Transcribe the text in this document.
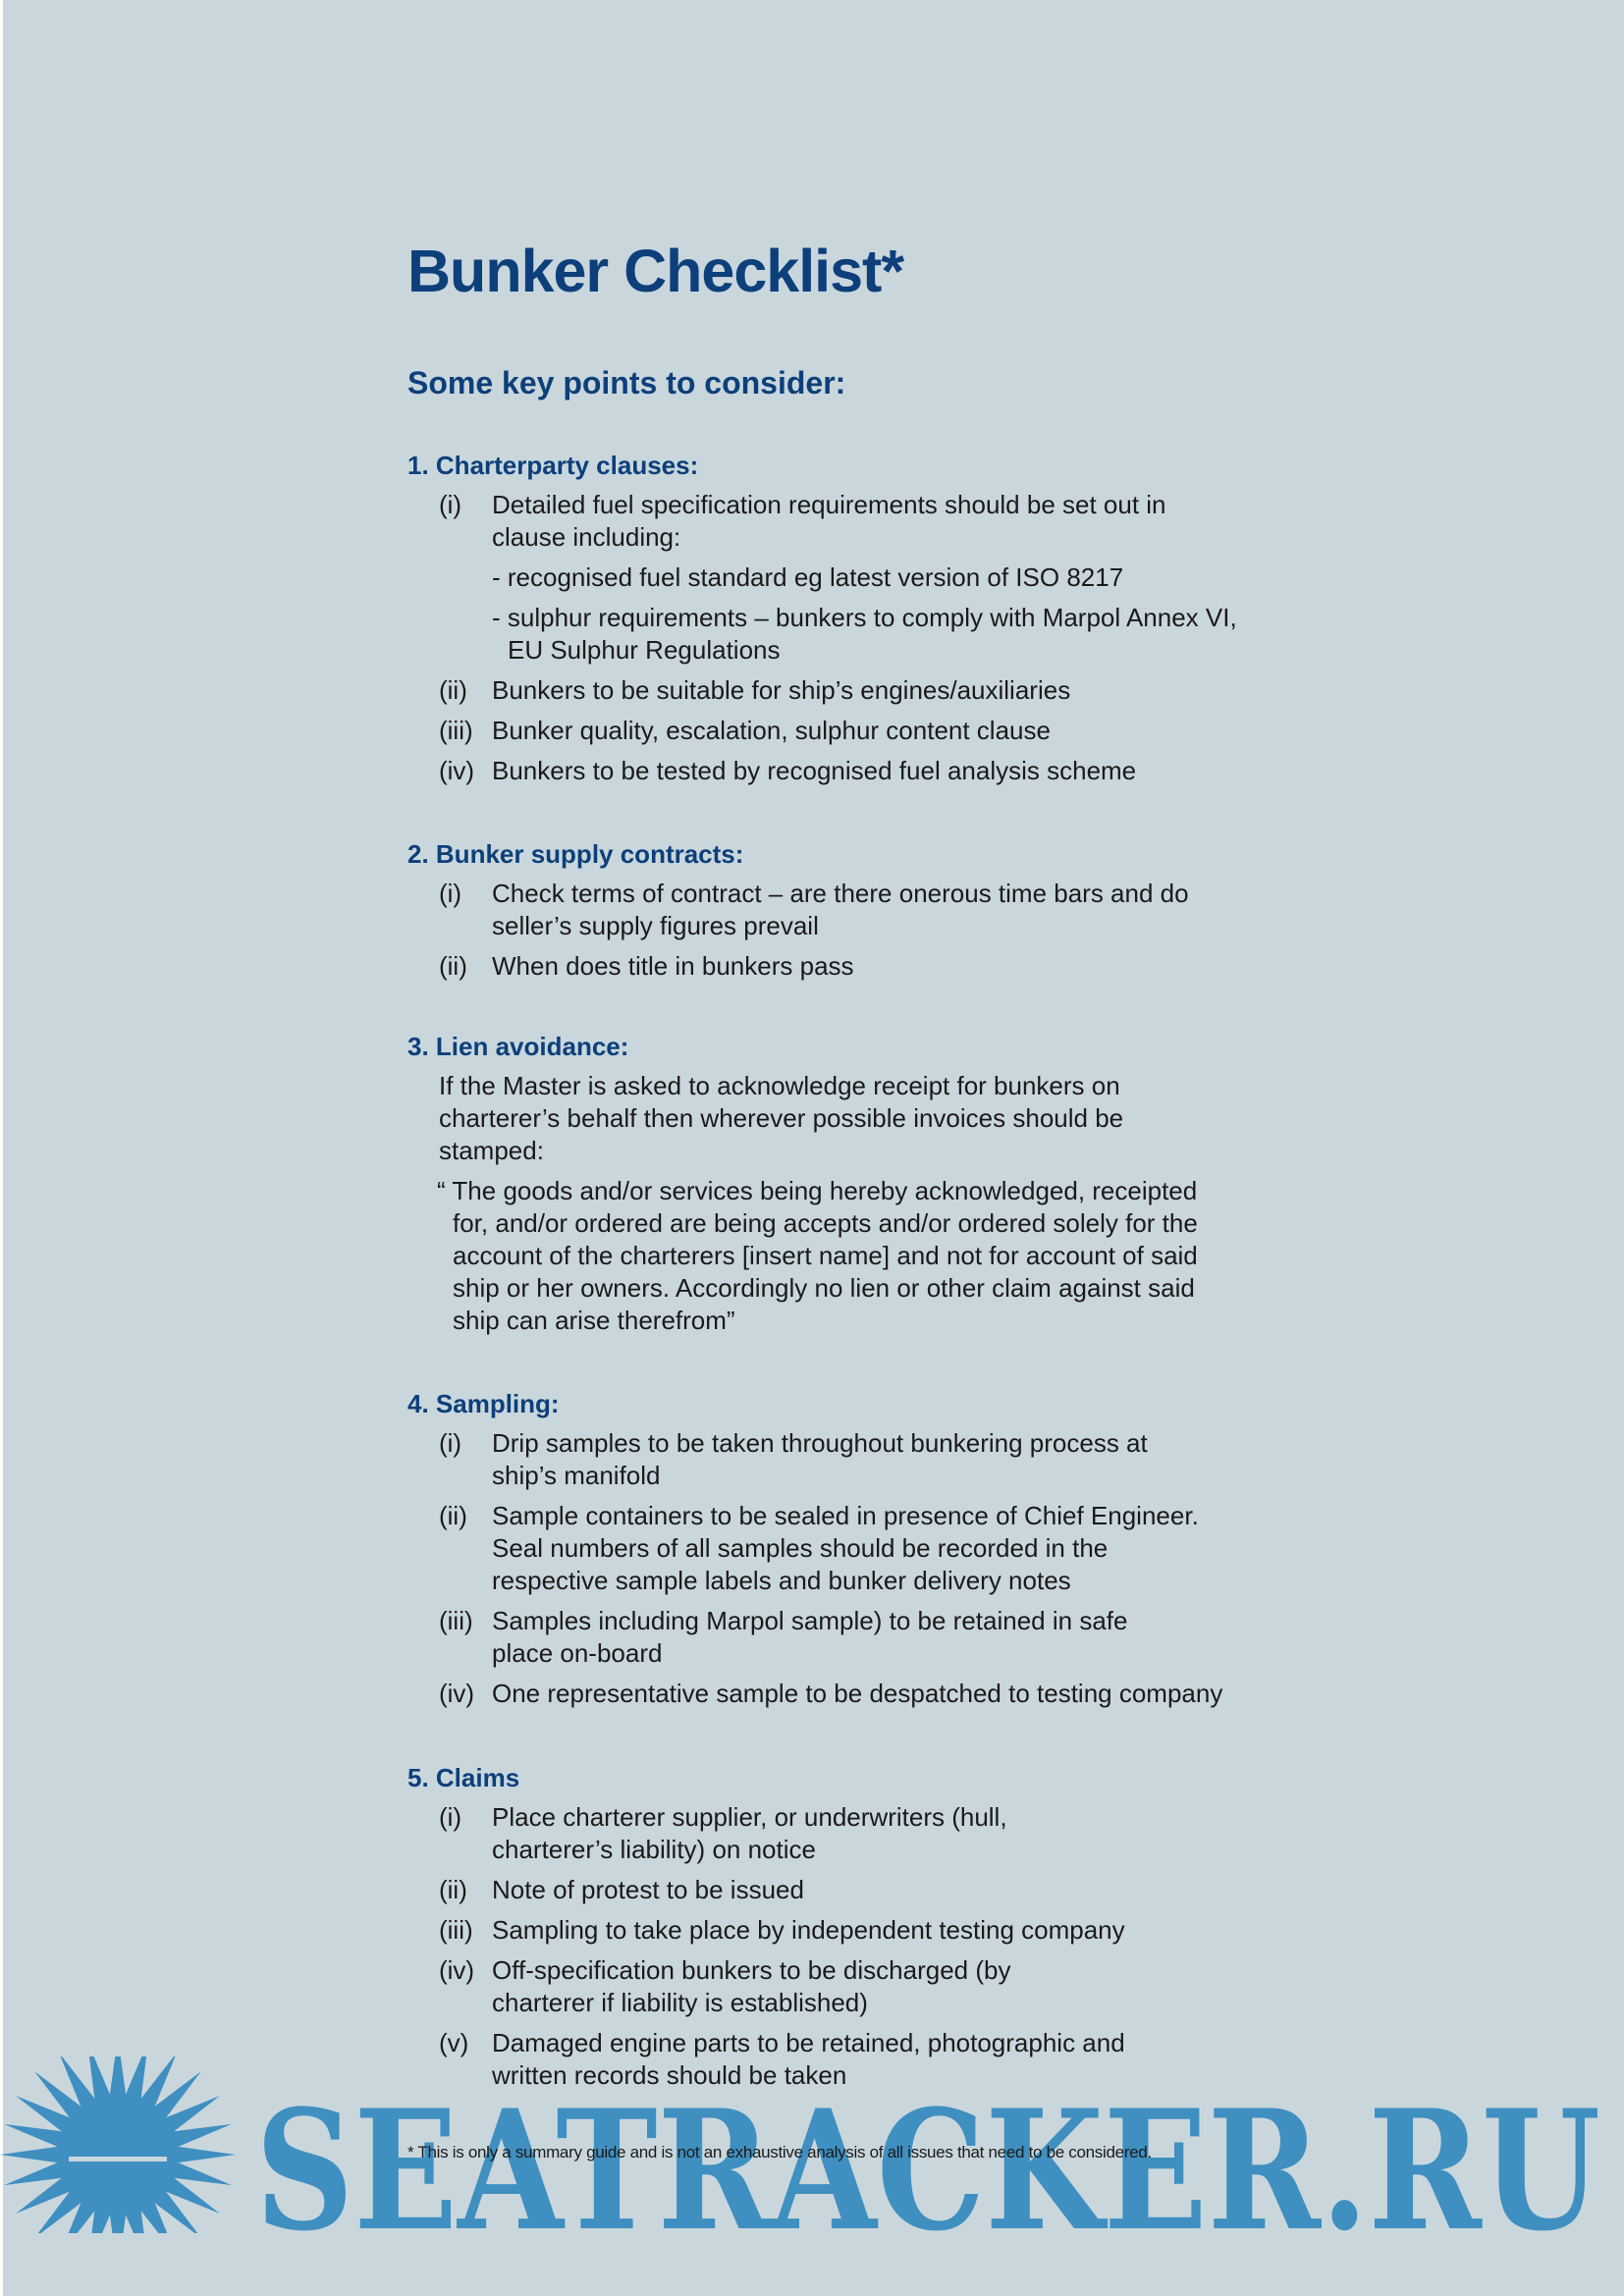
Bunker Checklist*
Some key points to consider:
1. Charterparty clauses:
(i) Detailed fuel specification requirements should be set out in clause including:
- recognised fuel standard eg latest version of ISO 8217
- sulphur requirements – bunkers to comply with Marpol Annex VI, EU Sulphur Regulations
(ii) Bunkers to be suitable for ship’s engines/auxiliaries
(iii) Bunker quality, escalation, sulphur content clause
(iv) Bunkers to be tested by recognised fuel analysis scheme
2. Bunker supply contracts:
(i) Check terms of contract – are there onerous time bars and do seller’s supply figures prevail
(ii) When does title in bunkers pass
3. Lien avoidance:
If the Master is asked to acknowledge receipt for bunkers on charterer’s behalf then wherever possible invoices should be stamped:
“ The goods and/or services being hereby acknowledged, receipted for, and/or ordered are being accepts and/or ordered solely for the account of the charterers [insert name] and not for account of said ship or her owners. Accordingly no lien or other claim against said ship can arise therefrom”
4. Sampling:
(i) Drip samples to be taken throughout bunkering process at ship’s manifold
(ii) Sample containers to be sealed in presence of Chief Engineer. Seal numbers of all samples should be recorded in the respective sample labels and bunker delivery notes
(iii) Samples including Marpol sample) to be retained in safe place on-board
(iv) One representative sample to be despatched to testing company
5. Claims
(i) Place charterer supplier, or underwriters (hull, charterer’s liability) on notice
(ii) Note of protest to be issued
(iii) Sampling to take place by independent testing company
(iv) Off-specification bunkers to be discharged (by charterer if liability is established)
(v) Damaged engine parts to be retained, photographic and written records should be taken
SEATRACKER.RU
* This is only a summary guide and is not an exhaustive analysis of all issues that need to be considered.
